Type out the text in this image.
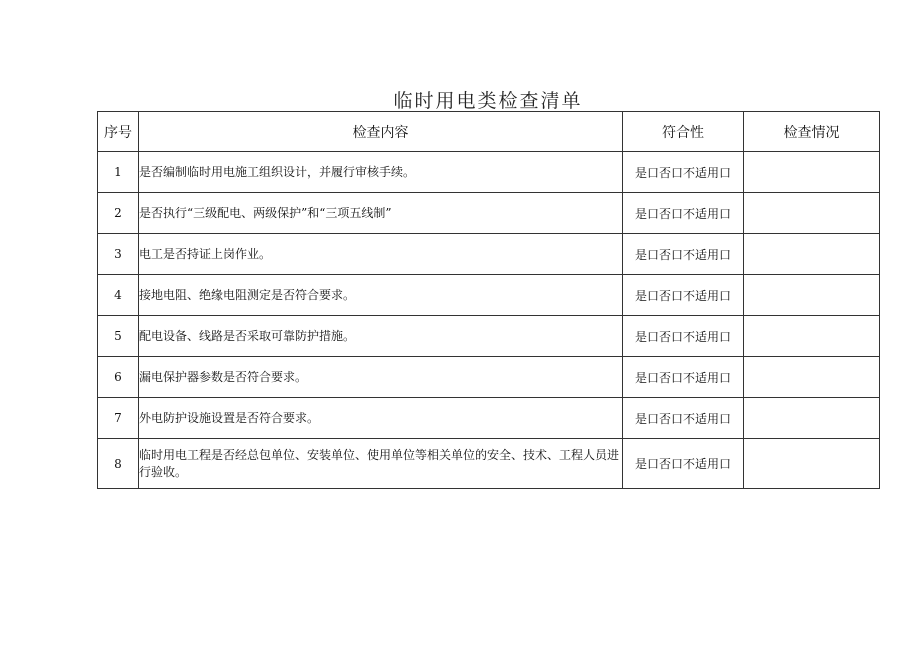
临时用电类检查清单
序号	检查内容	符合性	检查情况
1	是否编制临时用电施工组织设计，并履行审核手续。	是口否口不适用口	
2	是否执行“三级配电、两级保护”和“三项五线制”	是口否口不适用口	
3	电工是否持证上岗作业。	是口否口不适用口	
4	接地电阻、绝缘电阻测定是否符合要求。	是口否口不适用口	
5	配电设备、线路是否采取可靠防护措施。	是口否口不适用口	
6	漏电保护器参数是否符合要求。	是口否口不适用口	
7	外电防护设施设置是否符合要求。	是口否口不适用口	
8	临时用电工程是否经总包单位、安装单位、使用单位等相关单位的安全、技术、工程人员进行验收。	是口否口不适用口	
